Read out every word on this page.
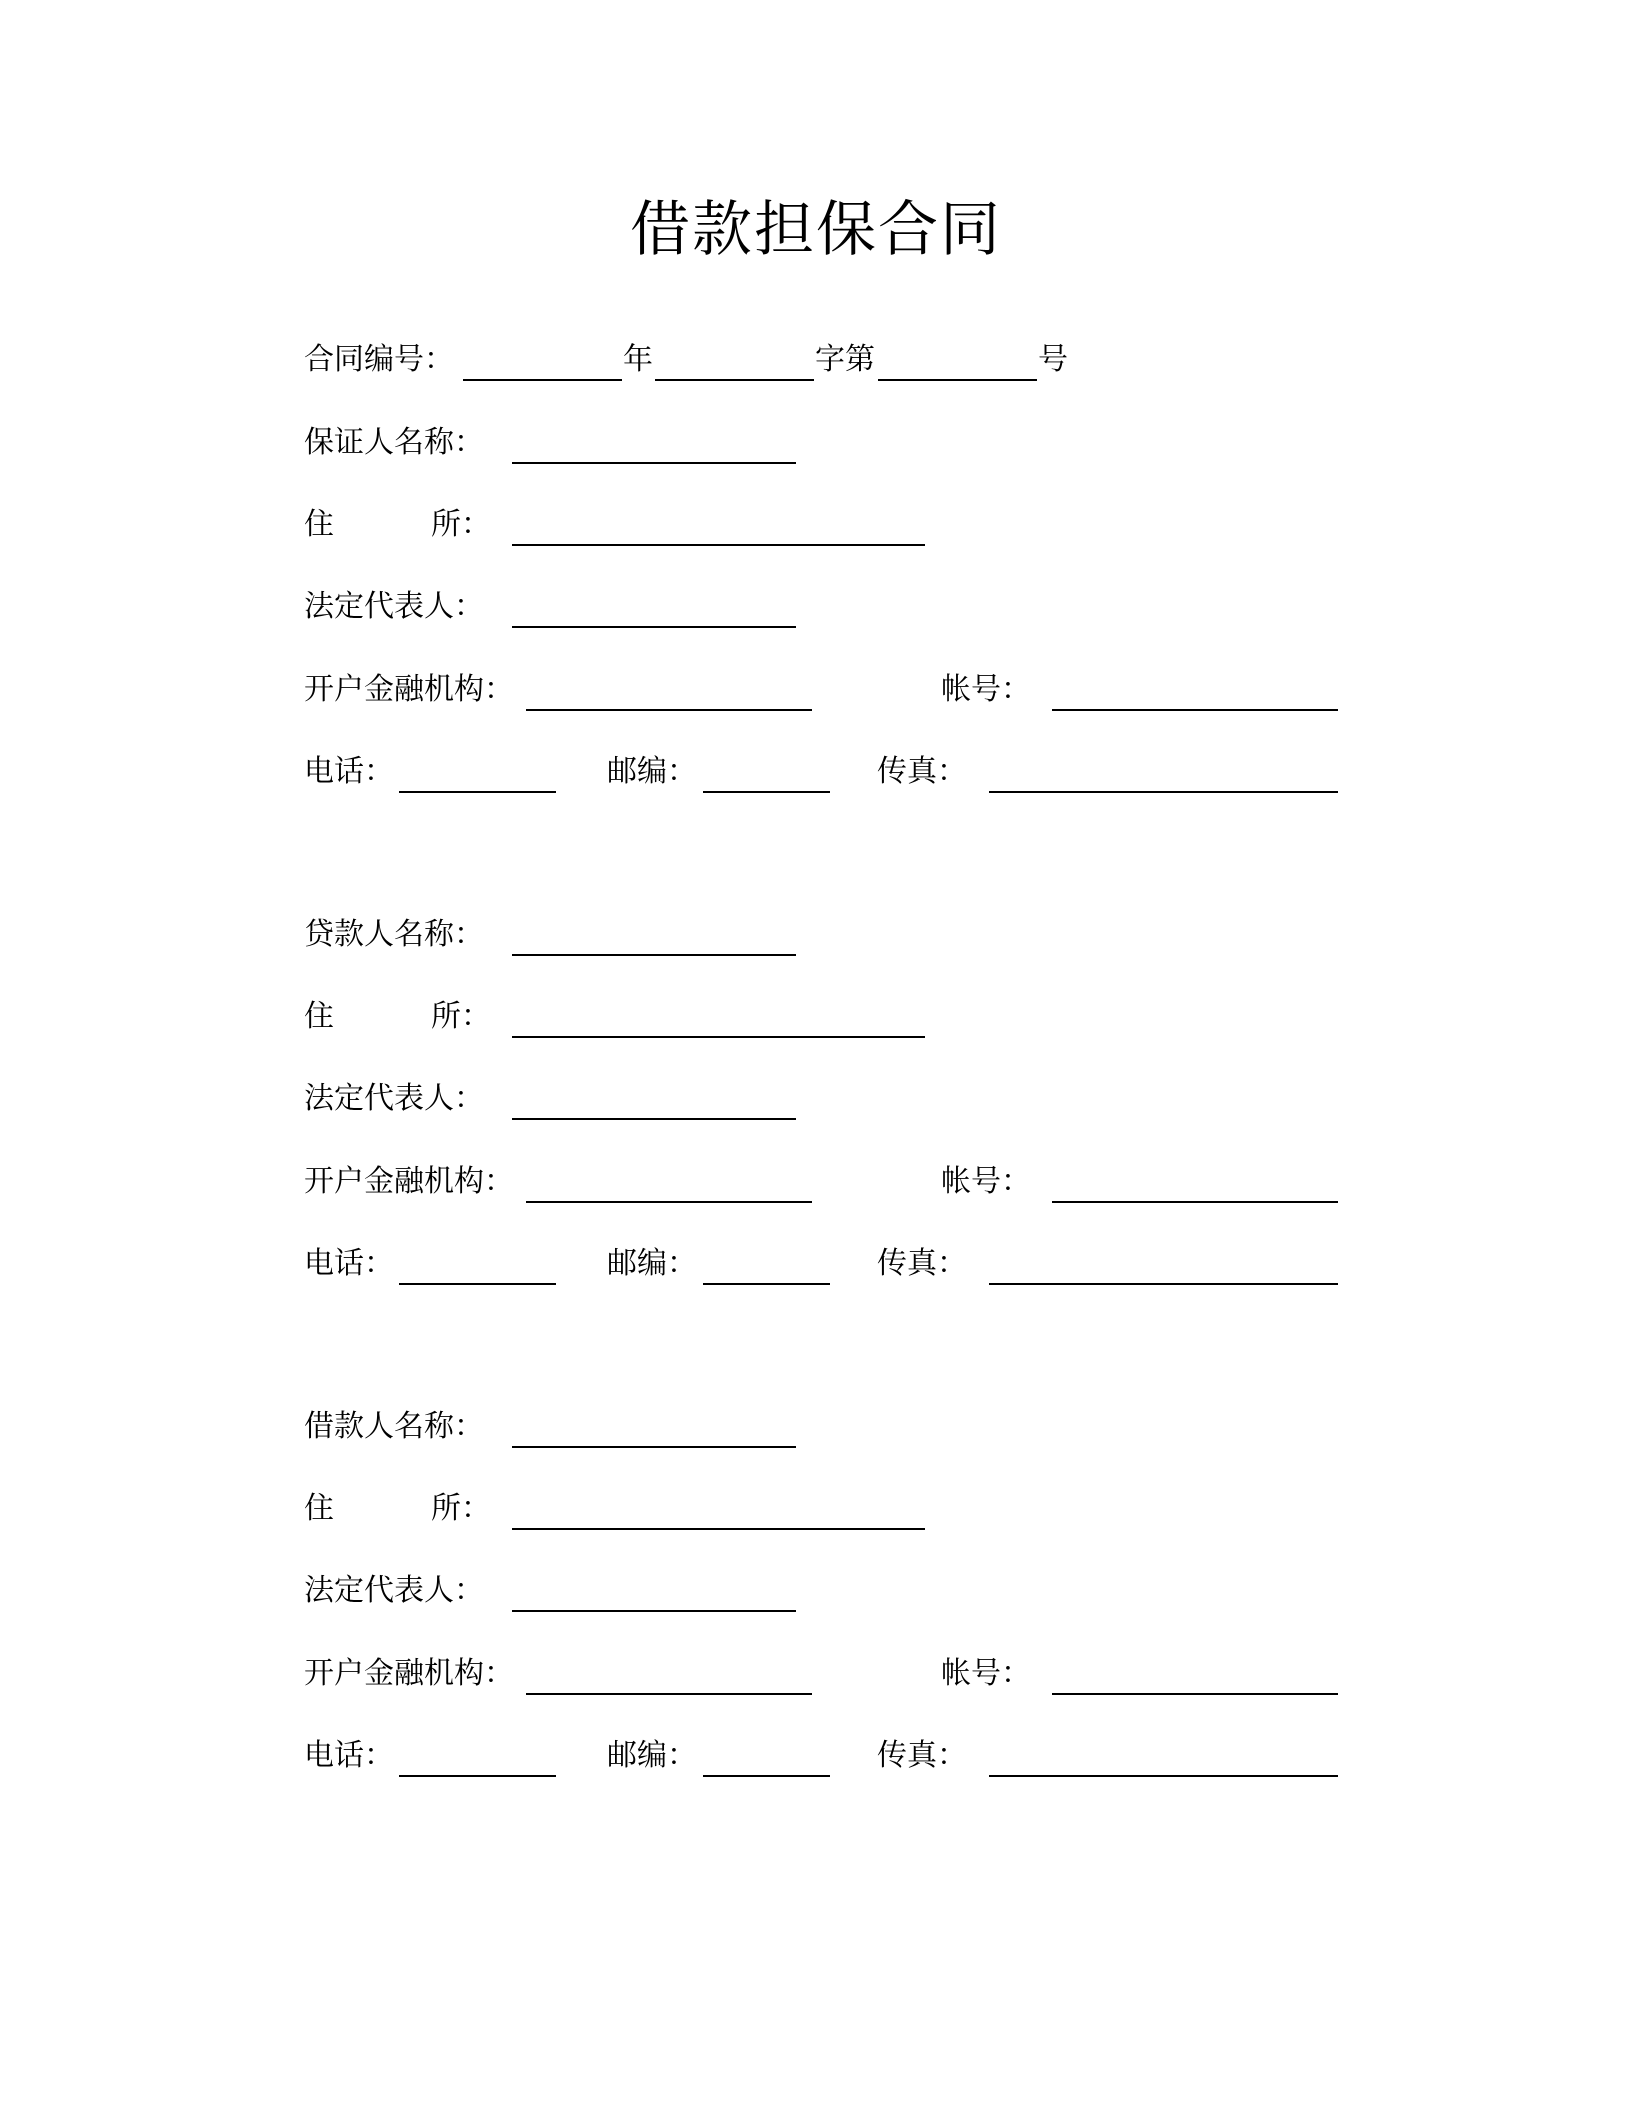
借款担保合同
合同编号：	年	字第	号
保证人名称：
住	所：
法定代表人：
开户金融机构：	帐号：
电话：	邮编：	传真：
贷款人名称：
住	所：
法定代表人：
开户金融机构：	帐号：
电话：	邮编：	传真：
借款人名称：
住	所：
法定代表人：
开户金融机构：	帐号：
电话：	邮编：	传真：
